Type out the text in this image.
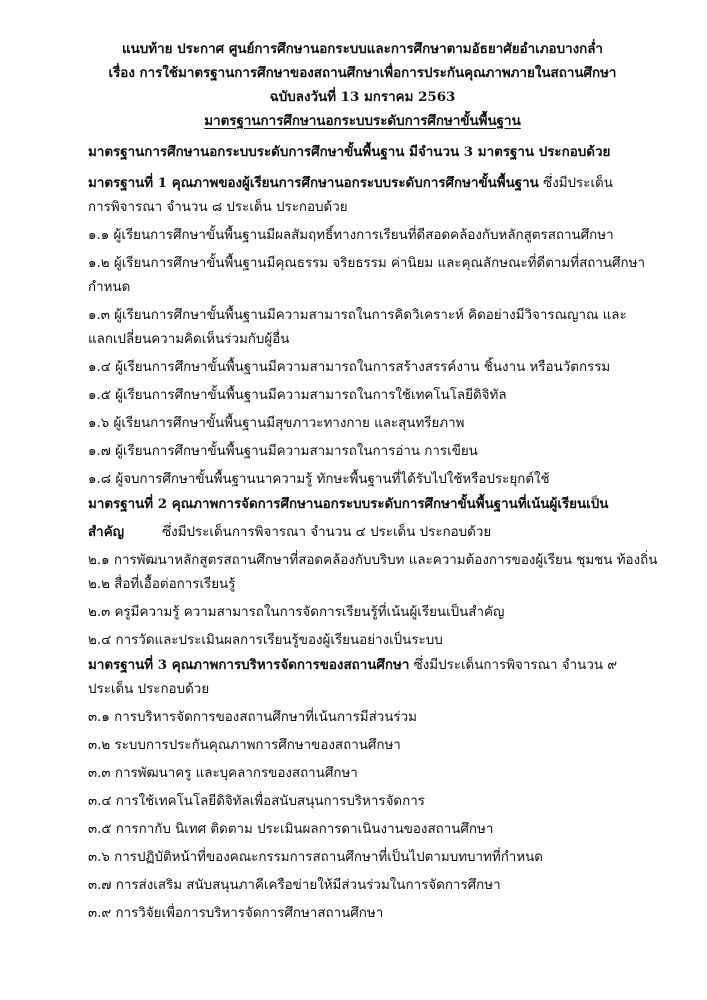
แนบท้าย ประกาศ ศูนย์การศึกษานอกระบบและการศึกษาตามอัธยาศัยอำเภอบางกล่ำ
เรื่อง การใช้มาตรฐานการศึกษาของสถานศึกษาเพื่อการประกันคุณภาพภายในสถานศึกษา
ฉบับลงวันที่ 13 มกราคม 2563
มาตรฐานการศึกษานอกระบบระดับการศึกษาขั้นพื้นฐาน

มาตรฐานการศึกษานอกระบบระดับการศึกษาขั้นพื้นฐาน มีจำนวน 3 มาตรฐาน ประกอบด้วย

มาตรฐานที่ 1 คุณภาพของผู้เรียนการศึกษานอกระบบระดับการศึกษาขั้นพื้นฐาน ซึ่งมีประเด็น

การพิจารณา จำนวน ๘ ประเด็น ประกอบด้วย

๑.๑ ผู้เรียนการศึกษาขั้นพื้นฐานมีผลสัมฤทธิ์ทางการเรียนที่ดีสอดคล้องกับหลักสูตรสถานศึกษา

๑.๒ ผู้เรียนการศึกษาขั้นพื้นฐานมีคุณธรรม จริยธรรม ค่านิยม และคุณลักษณะที่ดีตามที่สถานศึกษา

กำหนด

๑.๓ ผู้เรียนการศึกษาขั้นพื้นฐานมีความสามารถในการคิดวิเคราะห์ คิดอย่างมีวิจารณญาณ และ

แลกเปลี่ยนความคิดเห็นร่วมกับผู้อื่น

๑.๔ ผู้เรียนการศึกษาขั้นพื้นฐานมีความสามารถในการสร้างสรรค์งาน ชิ้นงาน หรือนวัตกรรม

๑.๕ ผู้เรียนการศึกษาขั้นพื้นฐานมีความสามารถในการใช้เทคโนโลยีดิจิทัล

๑.๖ ผู้เรียนการศึกษาขั้นพื้นฐานมีสุขภาวะทางกาย และสุนทรียภาพ

๑.๗ ผู้เรียนการศึกษาขั้นพื้นฐานมีความสามารถในการอ่าน การเขียน

๑.๘ ผู้จบการศึกษาขั้นพื้นฐานนาความรู้ ทักษะพื้นฐานที่ได้รับไปใช้หรือประยุกต์ใช้

มาตรฐานที่ 2 คุณภาพการจัดการศึกษานอกระบบระดับการศึกษาขั้นพื้นฐานที่เน้นผู้เรียนเป็น

สำคัญ	ซึ่งมีประเด็นการพิจารณา จำนวน ๔ ประเด็น ประกอบด้วย

๒.๑ การพัฒนาหลักสูตรสถานศึกษาที่สอดคล้องกับบริบท และความต้องการของผู้เรียน ชุมชน ท้องถิ่น

๒.๒ สื่อที่เอื้อต่อการเรียนรู้

๒.๓ ครูมีความรู้ ความสามารถในการจัดการเรียนรู้ที่เน้นผู้เรียนเป็นสำคัญ

๒.๔ การวัดและประเมินผลการเรียนรู้ของผู้เรียนอย่างเป็นระบบ

มาตรฐานที่ 3 คุณภาพการบริหารจัดการของสถานศึกษา ซึ่งมีประเด็นการพิจารณา จำนวน ๙

ประเด็น ประกอบด้วย

๓.๑ การบริหารจัดการของสถานศึกษาที่เน้นการมีส่วนร่วม

๓.๒ ระบบการประกันคุณภาพการศึกษาของสถานศึกษา

๓.๓ การพัฒนาครู และบุคลากรของสถานศึกษา

๓.๔ การใช้เทคโนโลยีดิจิทัลเพื่อสนับสนุนการบริหารจัดการ

๓.๕ การกากับ นิเทศ ติดตาม ประเมินผลการดาเนินงานของสถานศึกษา

๓.๖ การปฏิบัติหน้าที่ของคณะกรรมการสถานศึกษาที่เป็นไปตามบทบาทที่กำหนด

๓.๗ การส่งเสริม สนับสนุนภาคีเครือข่ายให้มีส่วนร่วมในการจัดการศึกษา

๓.๙ การวิจัยเพื่อการบริหารจัดการศึกษาสถานศึกษา
